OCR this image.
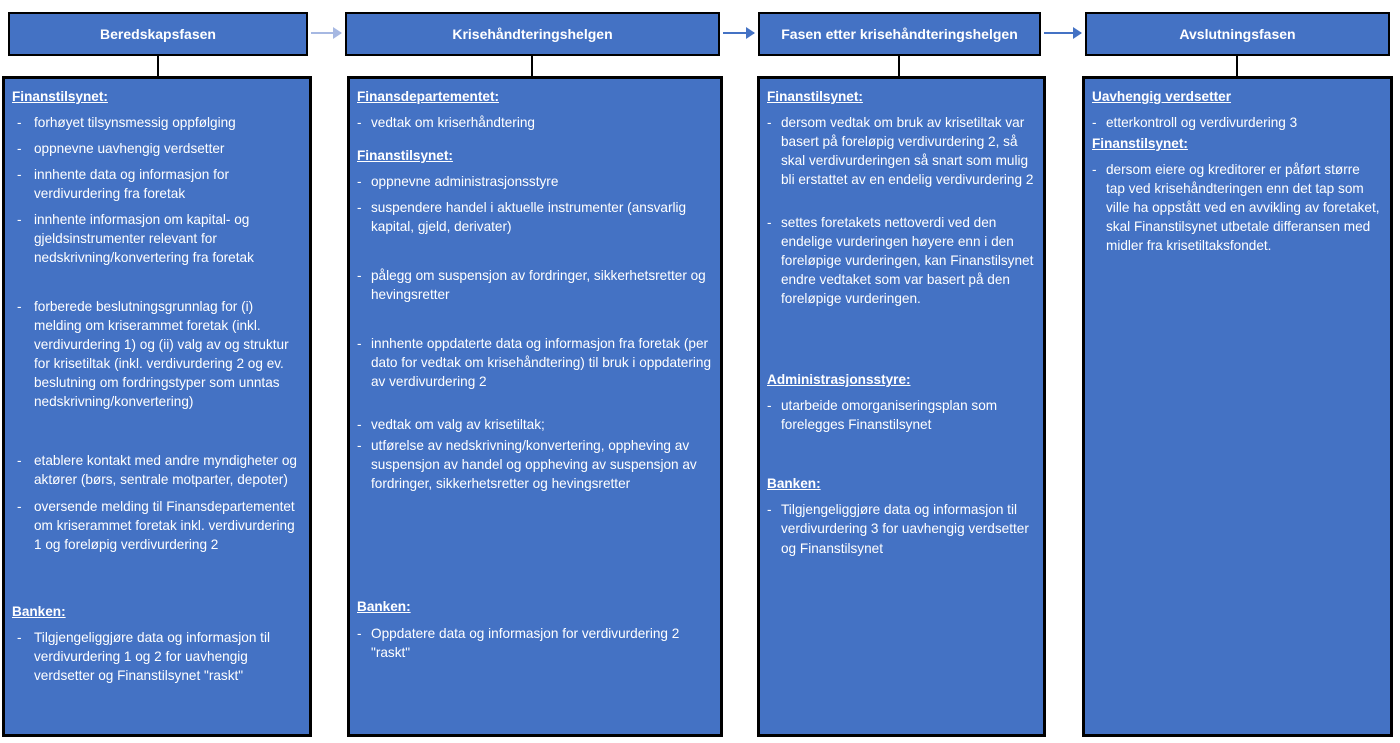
Beredskapsfasen	Krisehåndteringshelgen	Fasen etter krisehåndteringshelgen	Avslutningsfasen
Finanstilsynet:
- forhøyet tilsynsmessig oppfølging
- oppnevne uavhengig verdsetter
- innhente data og informasjon for verdivurdering fra foretak
- innhente informasjon om kapital- og gjeldsinstrumenter relevant for nedskrivning/konvertering fra foretak
- forberede beslutningsgrunnlag for (i) melding om kriserammet foretak (inkl. verdivurdering 1) og (ii) valg av og struktur for krisetiltak (inkl. verdivurdering 2 og ev. beslutning om fordringstyper som unntas nedskrivning/konvertering)
- etablere kontakt med andre myndigheter og aktører (børs, sentrale motparter, depoter)
- oversende melding til Finansdepartementet om kriserammet foretak inkl. verdivurdering 1 og foreløpig verdivurdering 2
Banken:
- Tilgjengeliggjøre data og informasjon til verdivurdering 1 og 2 for uavhengig verdsetter og Finanstilsynet "raskt"
Finansdepartementet:
- vedtak om kriserhåndtering
Finanstilsynet:
- oppnevne administrasjonsstyre
- suspendere handel i aktuelle instrumenter (ansvarlig kapital, gjeld, derivater)
- pålegg om suspensjon av fordringer, sikkerhetsretter og hevingsretter
- innhente oppdaterte data og informasjon fra foretak (per dato for vedtak om krisehåndtering) til bruk i oppdatering av verdivurdering 2
- vedtak om valg av krisetiltak;
- utførelse av nedskrivning/konvertering, oppheving av suspensjon av handel og oppheving av suspensjon av fordringer, sikkerhetsretter og hevingsretter
Banken:
- Oppdatere data og informasjon for verdivurdering 2 "raskt"
Finanstilsynet:
- dersom vedtak om bruk av krisetiltak var basert på foreløpig verdivurdering 2, så skal verdivurderingen så snart som mulig bli erstattet av en endelig verdivurdering 2
- settes foretakets nettoverdi ved den endelige vurderingen høyere enn i den foreløpige vurderingen, kan Finanstilsynet endre vedtaket som var basert på den foreløpige vurderingen.
Administrasjonsstyre:
- utarbeide omorganiseringsplan som forelegges Finanstilsynet
Banken:
- Tilgjengeliggjøre data og informasjon til verdivurdering 3 for uavhengig verdsetter og Finanstilsynet
Uavhengig verdsetter
- etterkontroll og verdivurdering 3
Finanstilsynet:
- dersom eiere og kreditorer er påført større tap ved krisehåndteringen enn det tap som ville ha oppstått ved en avvikling av foretaket, skal Finanstilsynet utbetale differansen med midler fra krisetiltaksfondet.
